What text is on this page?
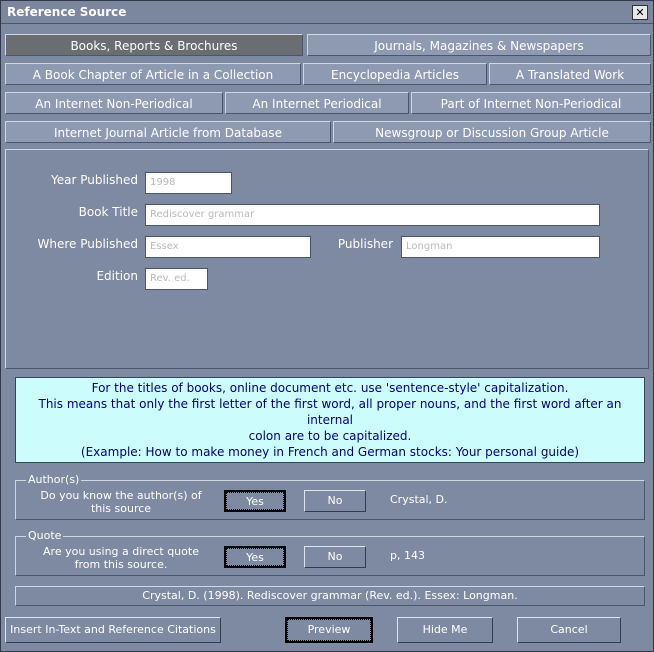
Reference Source	✕
Books, Reports & Brochures	Journals, Magazines & Newspapers
A Book Chapter of Article in a Collection	Encyclopedia Articles	A Translated Work
An Internet Non-Periodical	An Internet Periodical	Part of Internet Non-Periodical
Internet Journal Article from Database	Newsgroup or Discussion Group Article
Year Published	1998
Book Title	Rediscover grammar
Where Published	Essex	Publisher	Longman
Edition	Rev. ed.
For the titles of books, online document etc. use 'sentence-style' capitalization.
This means that only the first letter of the first word, all proper nouns, and the first word after an internal
colon are to be capitalized.
(Example: How to make money in French and German stocks: Your personal guide)
Author(s)
Do you know the author(s) of this source
Yes	No	Crystal, D.
Quote
Are you using a direct quote from this source.
Yes	No	p, 143
Crystal, D. (1998). Rediscover grammar (Rev. ed.). Essex: Longman.
Insert In-Text and Reference Citations	Preview	Hide Me	Cancel
